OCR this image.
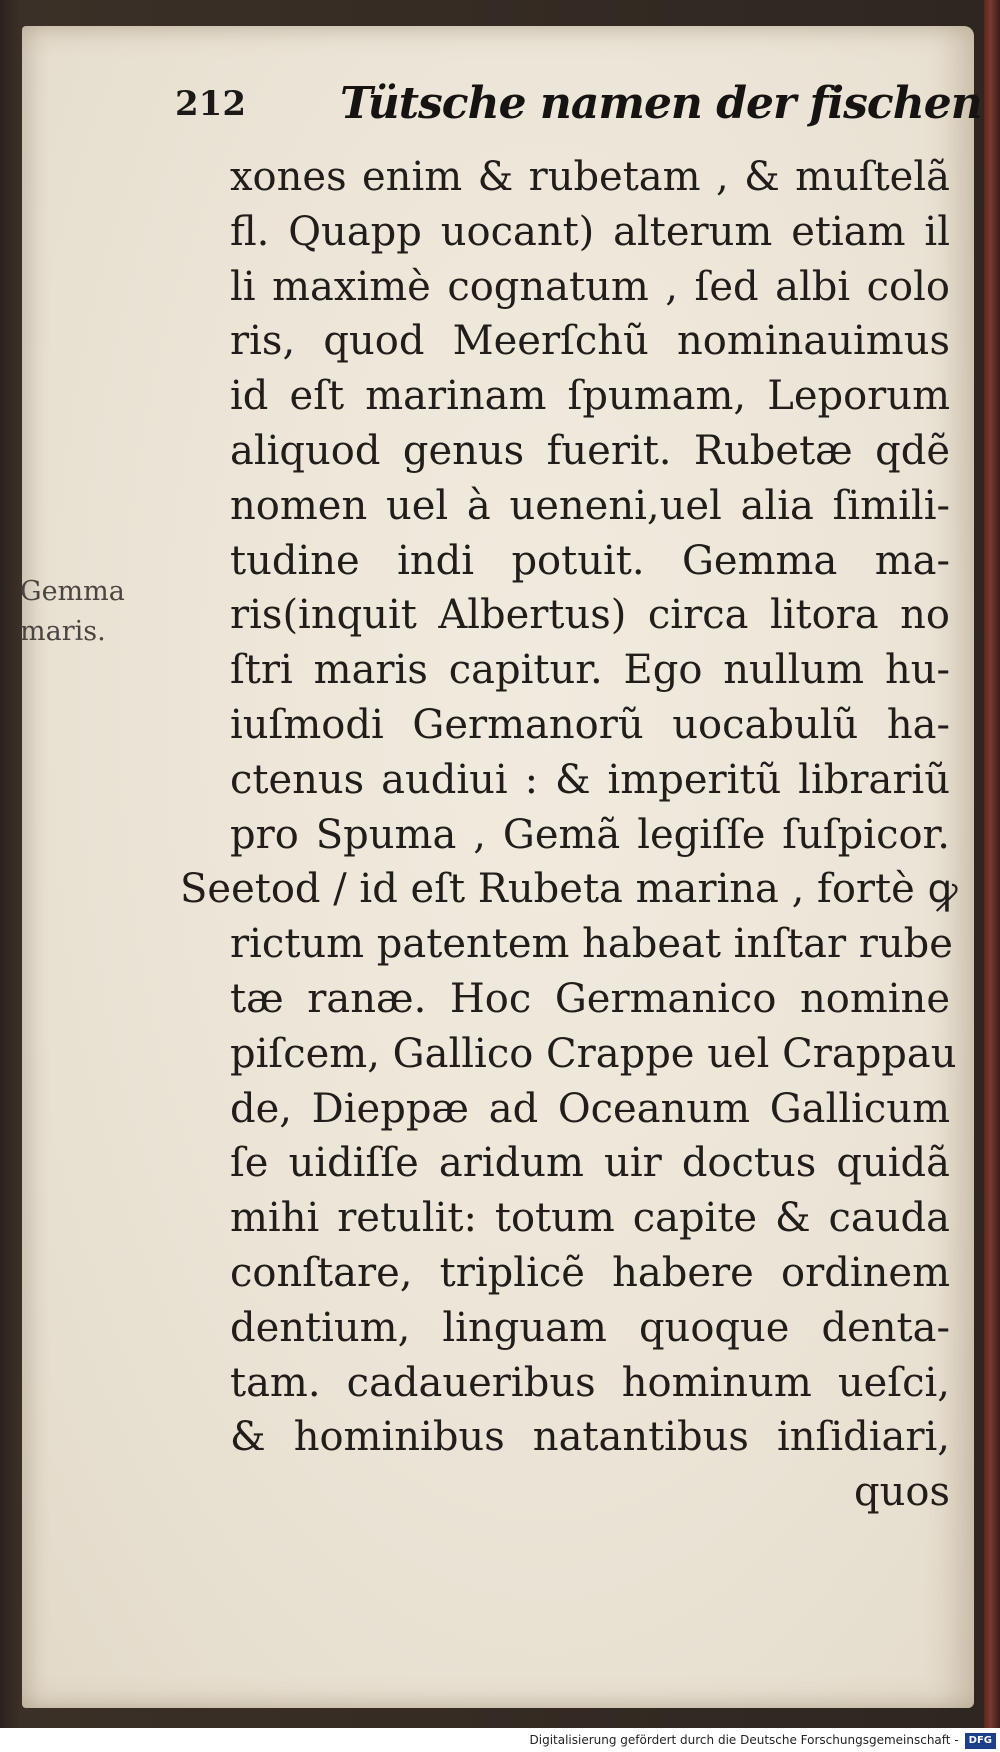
212 Tütsche namen der fischen
Gemma
maris.
xones enim & rubetam , & muſtelã
fl. Quapp uocant) alterum etiam il
li maximè cognatum , ſed albi colo
ris, quod Meerſchũ nominauimus
id eſt marinam ſpumam, Leporum
aliquod genus fuerit. Rubetæ qdẽ
nomen uel à ueneni,uel alia ſimili-
tudine indi potuit. Gemma ma-
ris(inquit Albertus) circa litora no
ſtri maris capitur. Ego nullum hu-
iuſmodi Germanorũ uocabulũ ha-
ctenus audiui : & imperitũ librariũ
pro Spuma , Gemã legiſſe ſuſpicor.
Seetod / id eſt Rubeta marina , fortè ꝙ
rictum patentem habeat inſtar rube
tæ ranæ. Hoc Germanico nomine
piſcem, Gallico Crappe uel Crappau
de, Dieppæ ad Oceanum Gallicum
ſe uidiſſe aridum uir doctus quidã
mihi retulit: totum capite & cauda
conſtare, triplicẽ habere ordinem
dentium, linguam quoque denta-
tam. cadaueribus hominum ueſci,
& hominibus natantibus inſidiari,
quos
Digitalisierung gefördert durch die Deutsche Forschungsgemeinschaft - DFG
